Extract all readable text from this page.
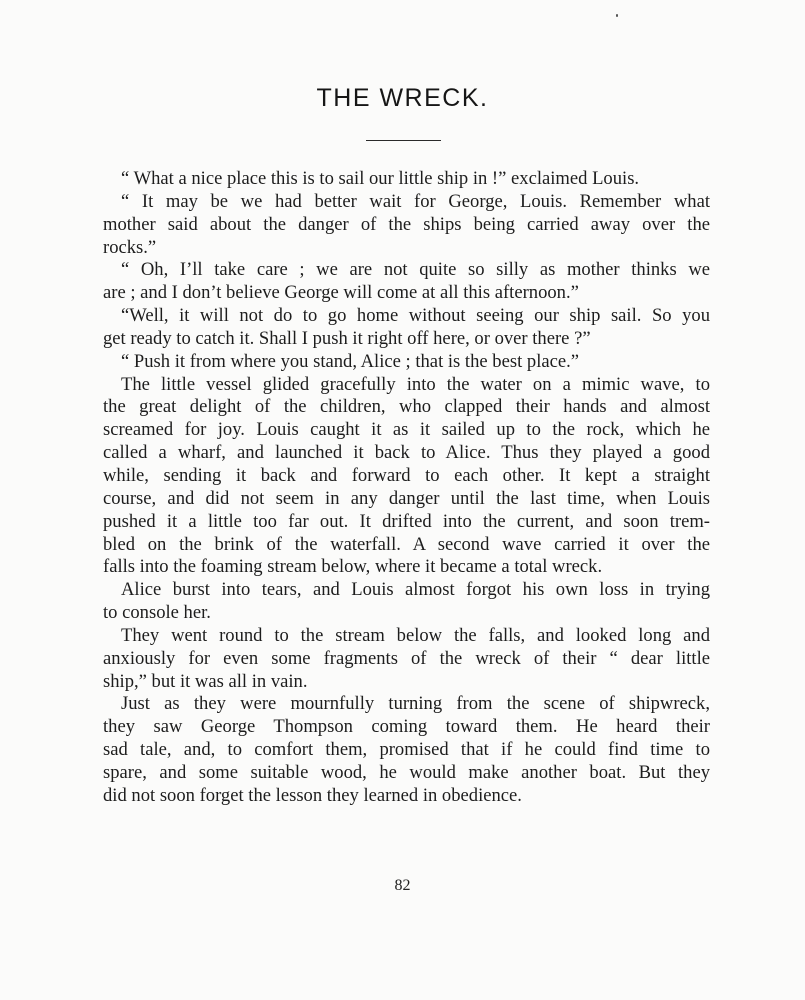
THE WRECK.
“ What a nice place this is to sail our little ship in !” exclaimed Louis.
“ It may be we had better wait for George, Louis. Remember what
mother said about the danger of the ships being carried away over the
rocks.”
“ Oh, I’ll take care ; we are not quite so silly as mother thinks we
are ; and I don’t believe George will come at all this afternoon.”
“Well, it will not do to go home without seeing our ship sail. So you
get ready to catch it. Shall I push it right off here, or over there ?”
“ Push it from where you stand, Alice ; that is the best place.”
The little vessel glided gracefully into the water on a mimic wave, to
the great delight of the children, who clapped their hands and almost
screamed for joy. Louis caught it as it sailed up to the rock, which he
called a wharf, and launched it back to Alice. Thus they played a good
while, sending it back and forward to each other. It kept a straight
course, and did not seem in any danger until the last time, when Louis
pushed it a little too far out. It drifted into the current, and soon trem-
bled on the brink of the waterfall. A second wave carried it over the
falls into the foaming stream below, where it became a total wreck.
Alice burst into tears, and Louis almost forgot his own loss in trying
to console her.
They went round to the stream below the falls, and looked long and
anxiously for even some fragments of the wreck of their “ dear little
ship,” but it was all in vain.
Just as they were mournfully turning from the scene of shipwreck,
they saw George Thompson coming toward them. He heard their
sad tale, and, to comfort them, promised that if he could find time to
spare, and some suitable wood, he would make another boat. But they
did not soon forget the lesson they learned in obedience.
82
